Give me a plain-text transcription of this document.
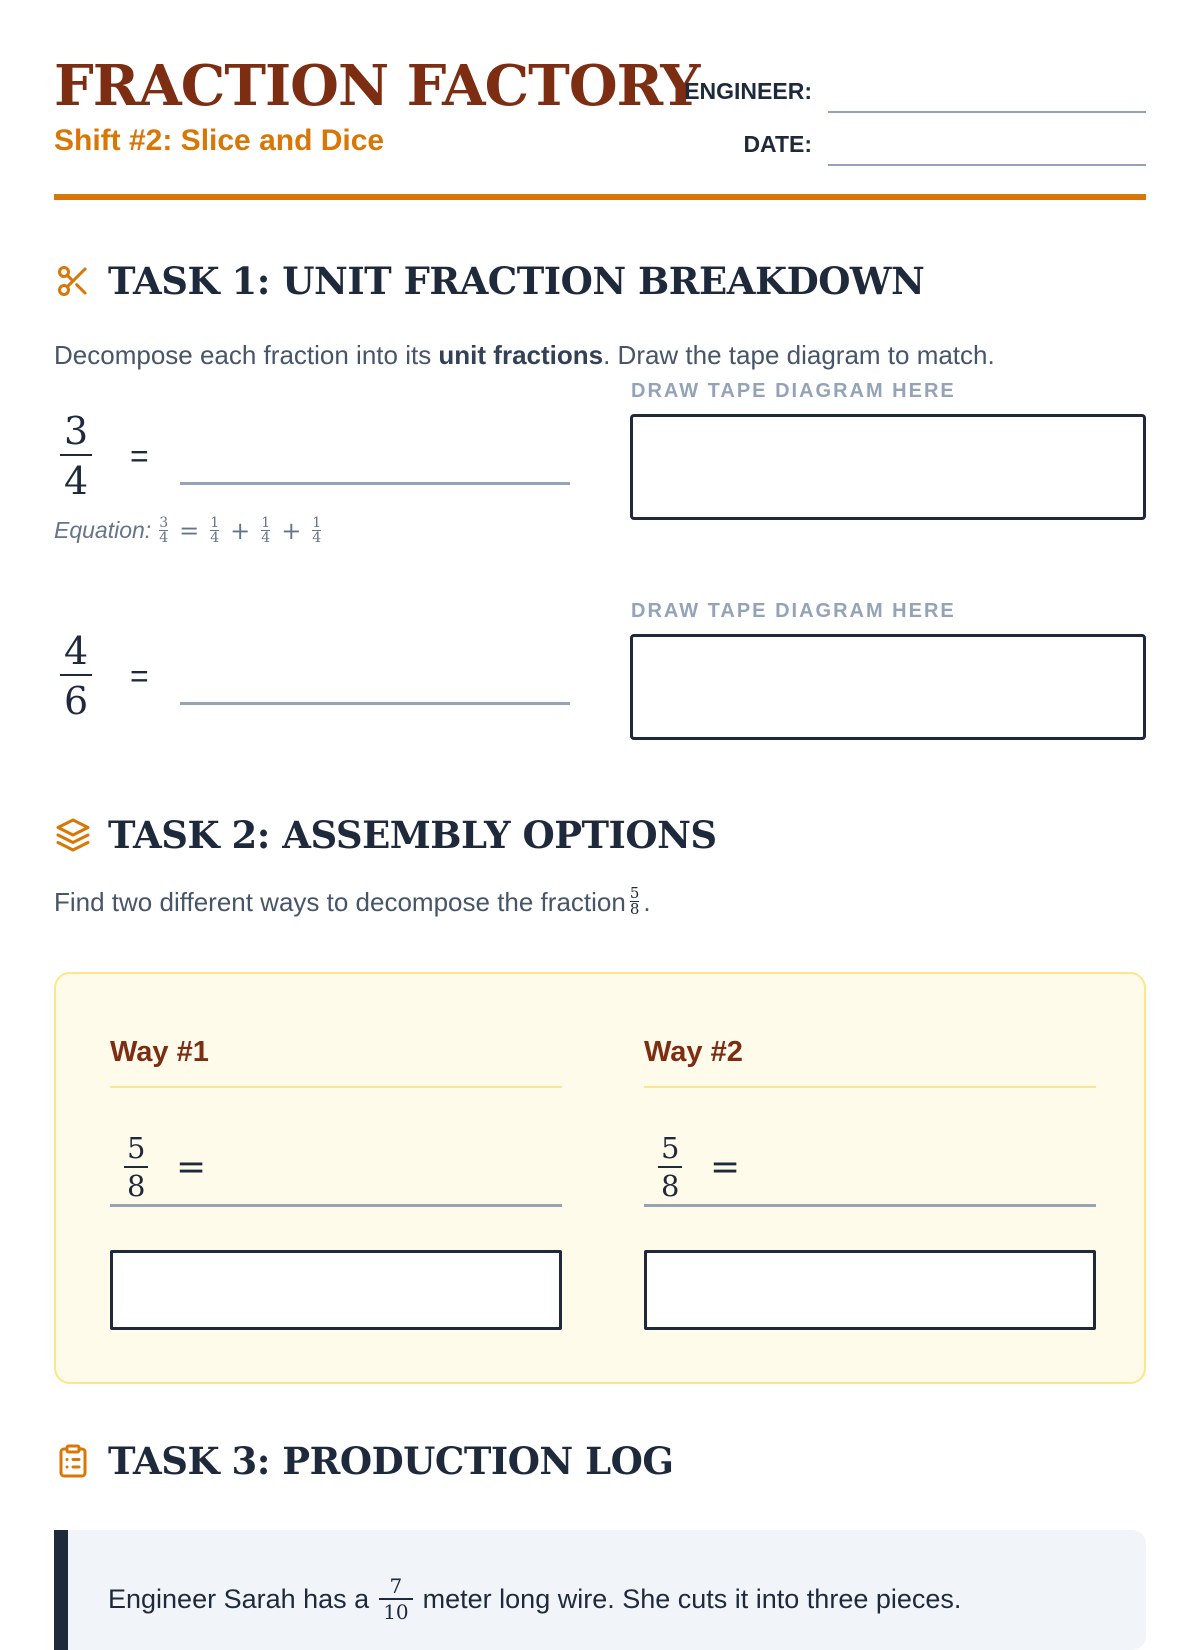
FRACTION FACTORY
Shift #2: Slice and Dice
ENGINEER:
DATE:
TASK 1: UNIT FRACTION BREAKDOWN
Decompose each fraction into its unit fractions. Draw the tape diagram to match.
3
4
=
Equation: $\frac{3}{4} = \frac{1}{4} + \frac{1}{4} + \frac{1}{4}$
DRAW TAPE DIAGRAM HERE
4
6
=
DRAW TAPE DIAGRAM HERE
TASK 2: ASSEMBLY OPTIONS
Find two different ways to decompose the fraction $\frac{5}{8}$ .
Way #1
5
8 =
Way #2
5
8 =
TASK 3: PRODUCTION LOG
Engineer Sarah has a $\frac{7}{10}$ meter long wire. She cuts it into three pieces.
